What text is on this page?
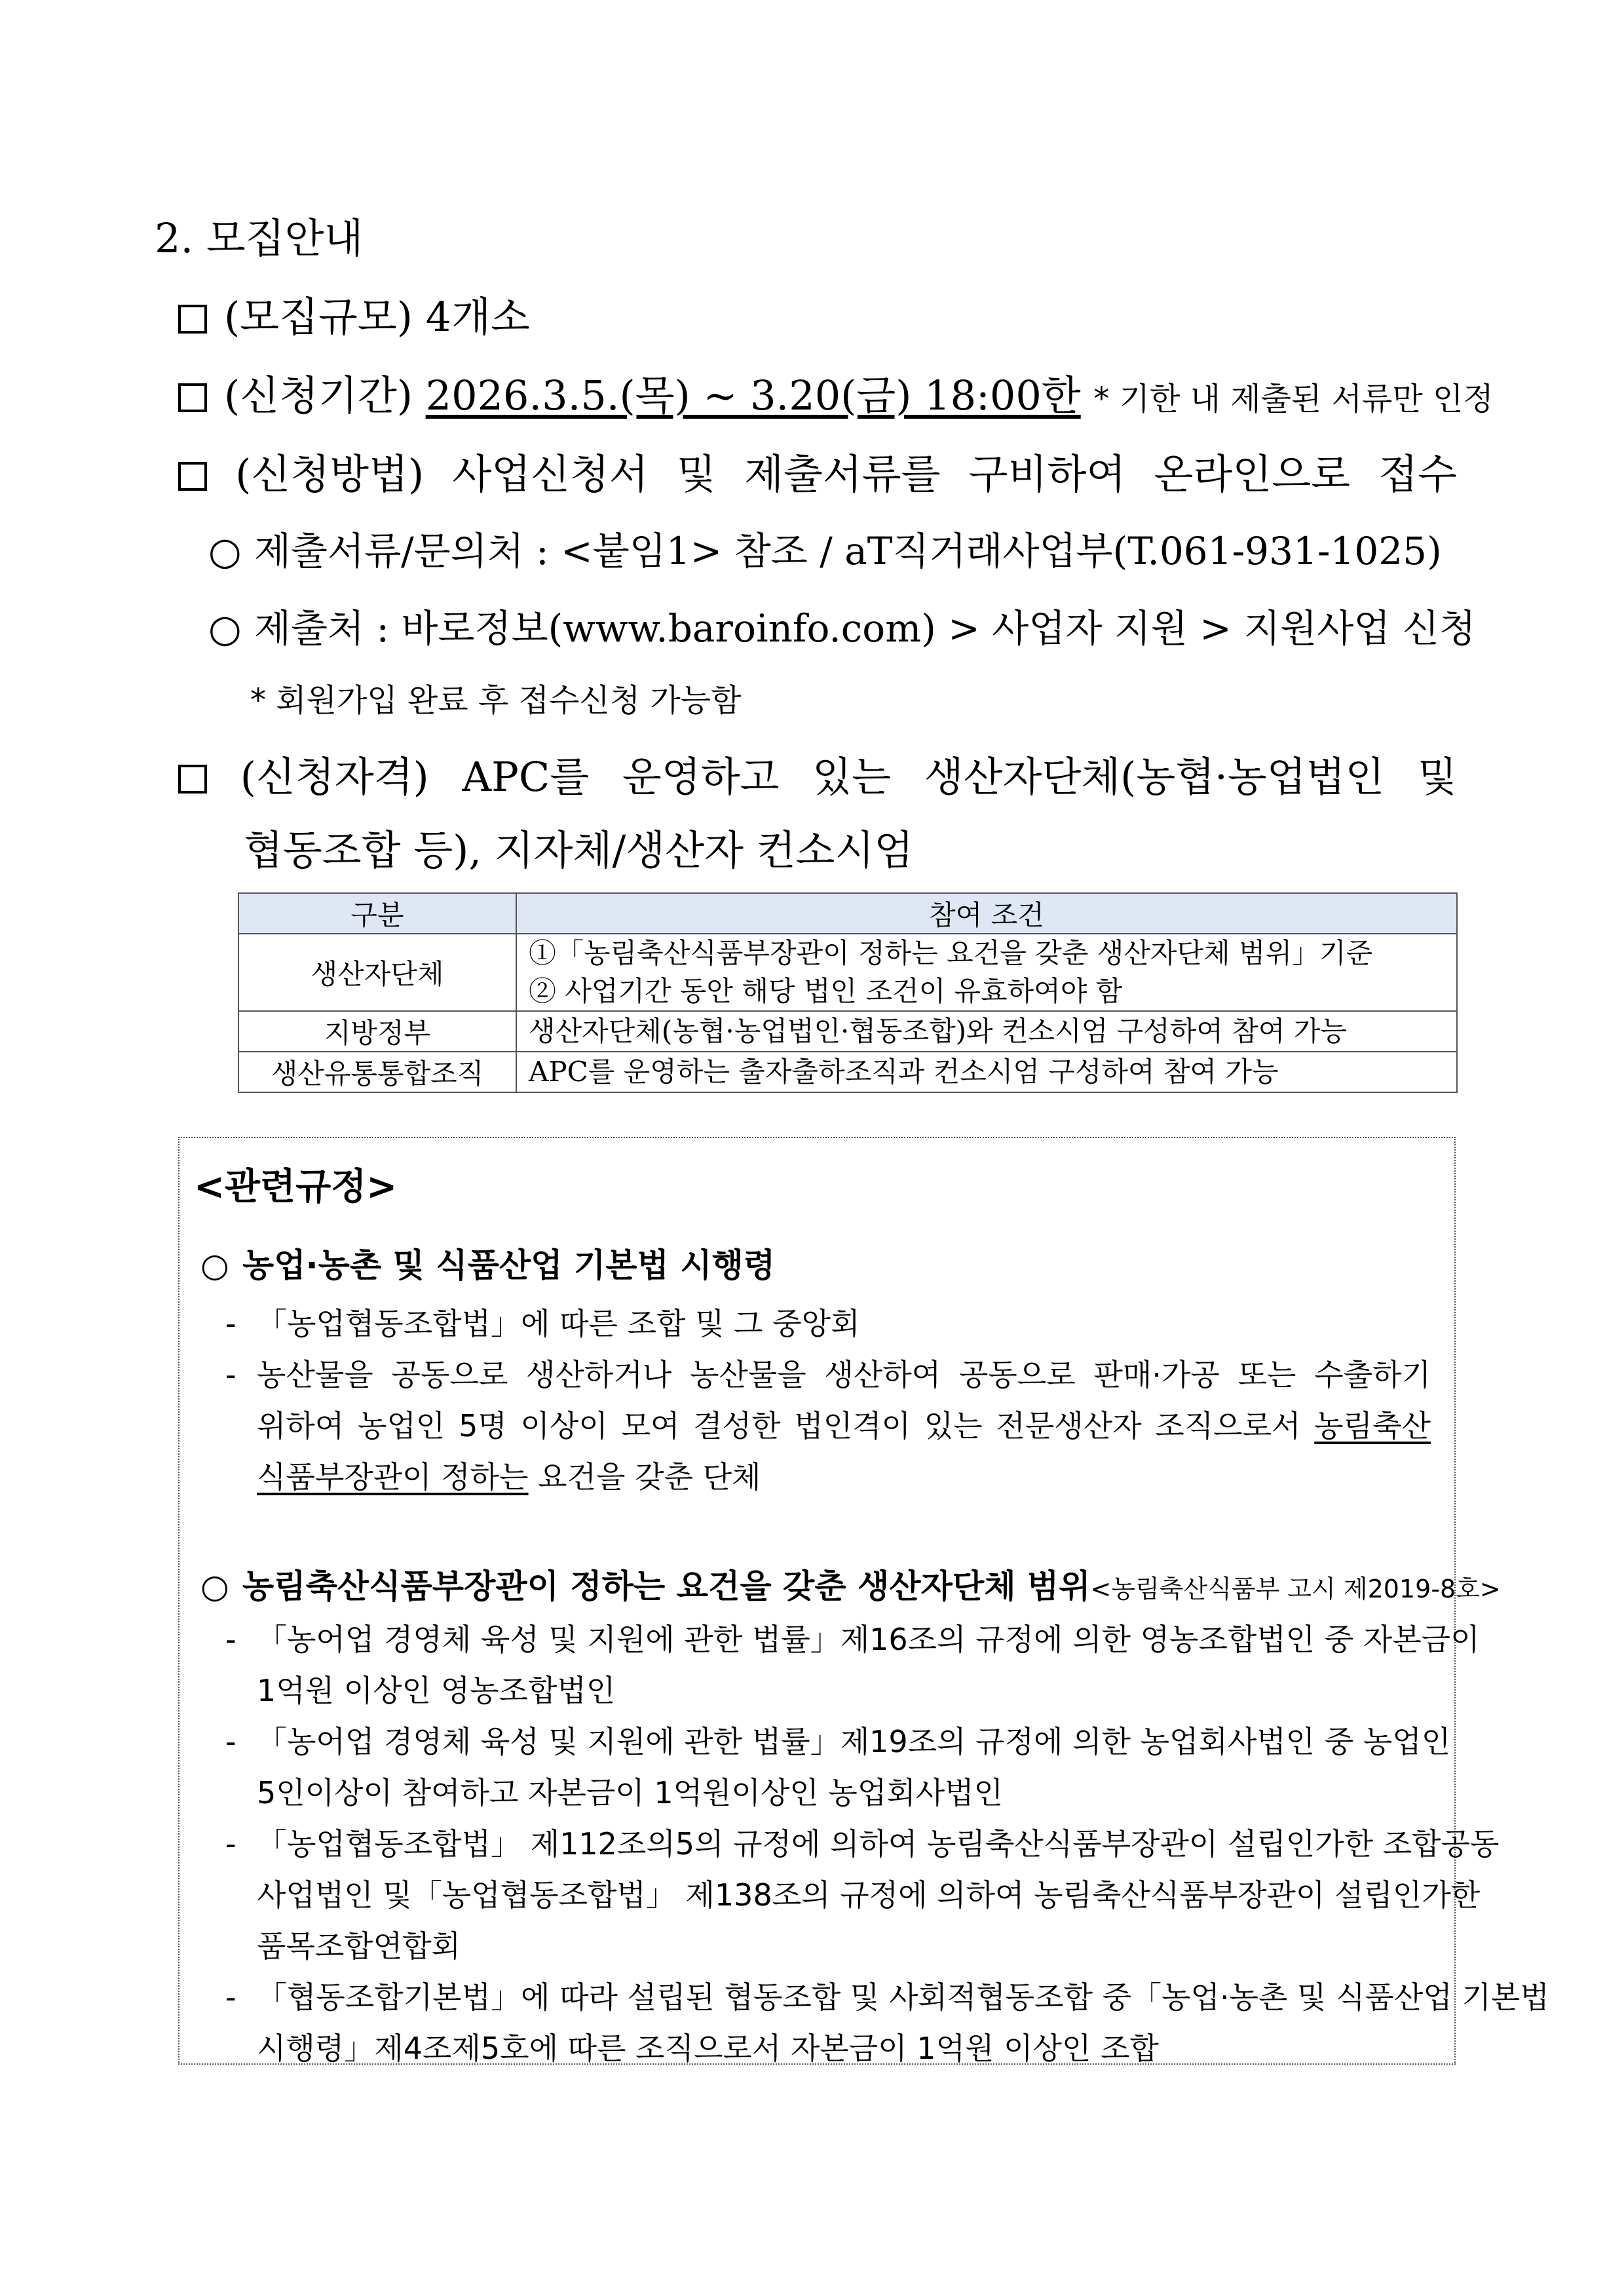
2. 모집안내
(모집규모) 4개소
(신청기간) 2026.3.5.(목) ~ 3.20(금) 18:00한 * 기한 내 제출된 서류만 인정
(신청방법) 사업신청서 및 제출서류를 구비하여 온라인으로 접수
○ 제출서류/문의처 : <붙임1> 참조 / aT직거래사업부(T.061-931-1025)
○ 제출처 : 바로정보(www.baroinfo.com) > 사업자 지원 > 지원사업 신청
* 회원가입 완료 후 접수신청 가능함
(신청자격) APC를 운영하고 있는 생산자단체(농협·농업법인 및
협동조합 등), 지자체/생산자 컨소시엄
구분	참여 조건
생산자단체	①「농림축산식품부장관이 정하는 요건을 갖춘 생산자단체 범위」기준
② 사업기간 동안 해당 법인 조건이 유효하여야 함

지방정부	생산자단체(농협·농업법인·협동조합)와 컨소시엄 구성하여 참여 가능
생산유통통합조직	APC를 운영하는 출자출하조직과 컨소시엄 구성하여 참여 가능
<관련규정>
○ 농업·농촌 및 식품산업 기본법 시행령
- 「농업협동조합법」에 따른 조합 및 그 중앙회
- 농산물을 공동으로 생산하거나 농산물을 생산하여 공동으로 판매·가공 또는 수출하기
위하여 농업인 5명 이상이 모여 결성한 법인격이 있는 전문생산자 조직으로서 농림축산
식품부장관이 정하는 요건을 갖춘 단체
○ 농림축산식품부장관이 정하는 요건을 갖춘 생산자단체 범위<농림축산식품부 고시 제2019-8호>
- 「농어업 경영체 육성 및 지원에 관한 법률」제16조의 규정에 의한 영농조합법인 중 자본금이
1억원 이상인 영농조합법인
- 「농어업 경영체 육성 및 지원에 관한 법률」제19조의 규정에 의한 농업회사법인 중 농업인
5인이상이 참여하고 자본금이 1억원이상인 농업회사법인
- 「농업협동조합법」 제112조의5의 규정에 의하여 농림축산식품부장관이 설립인가한 조합공동
사업법인 및「농업협동조합법」 제138조의 규정에 의하여 농림축산식품부장관이 설립인가한
품목조합연합회
- 「협동조합기본법」에 따라 설립된 협동조합 및 사회적협동조합 중「농업·농촌 및 식품산업 기본법
시행령」제4조제5호에 따른 조직으로서 자본금이 1억원 이상인 조합
